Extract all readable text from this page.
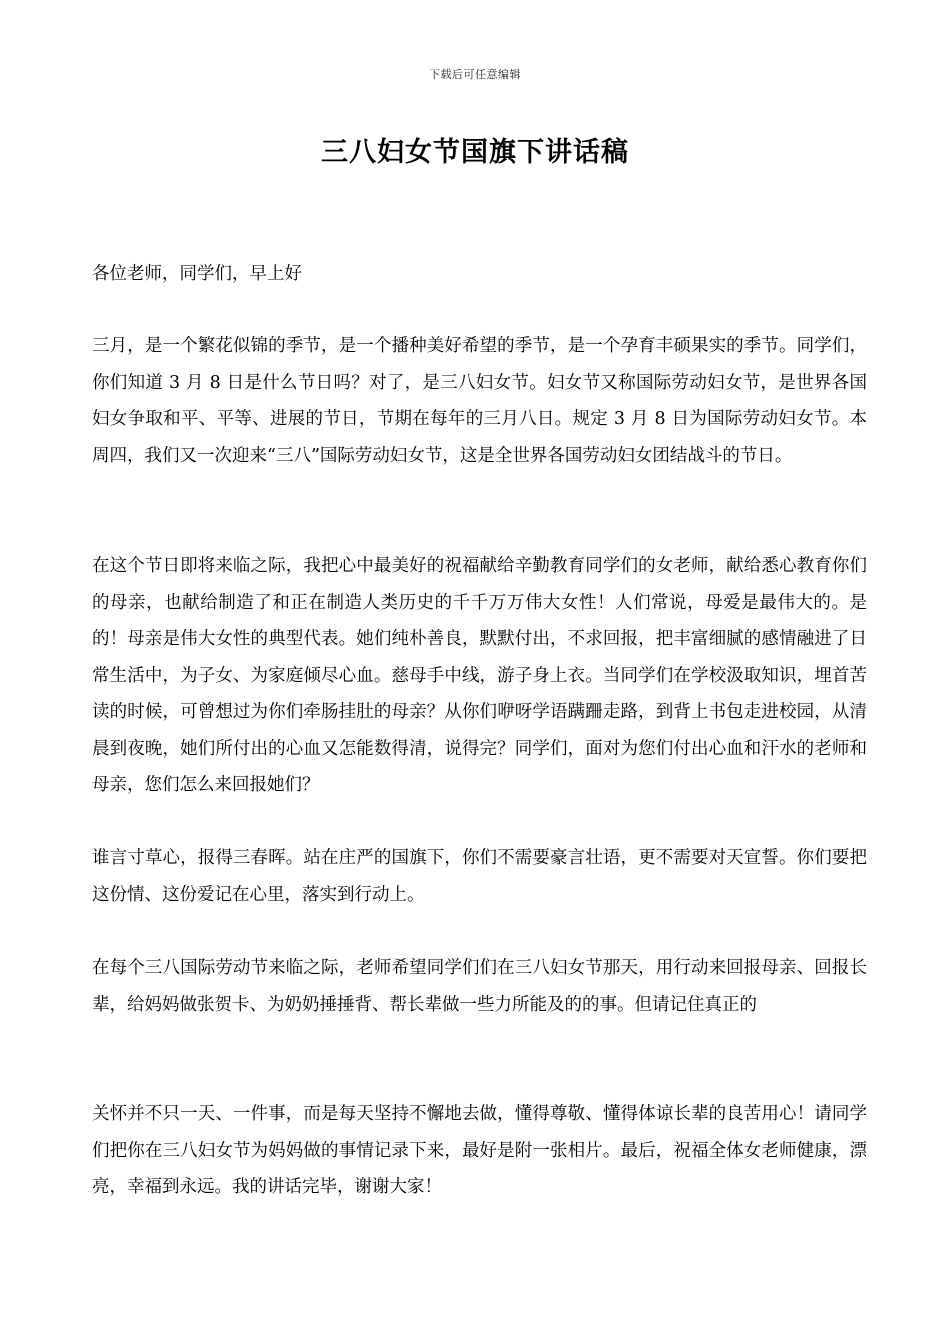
下载后可任意编辑
三八妇女节国旗下讲话稿

各位老师，同学们，早上好

三月，是一个繁花似锦的季节，是一个播种美好希望的季节，是一个孕育丰硕果实的季节。同学们，你们知道 3 月 8 日是什么节日吗？对了，是三八妇女节。妇女节又称国际劳动妇女节，是世界各国妇女争取和平、平等、进展的节日，节期在每年的三月八日。规定 3 月 8 日为国际劳动妇女节。本周四，我们又一次迎来“三八”国际劳动妇女节，这是全世界各国劳动妇女团结战斗的节日。

在这个节日即将来临之际，我把心中最美好的祝福献给辛勤教育同学们的女老师，献给悉心教育你们的母亲，也献给制造了和正在制造人类历史的千千万万伟大女性！人们常说，母爱是最伟大的。是的！母亲是伟大女性的典型代表。她们纯朴善良，默默付出，不求回报，把丰富细腻的感情融进了日常生活中，为子女、为家庭倾尽心血。慈母手中线，游子身上衣。当同学们在学校汲取知识，埋首苦读的时候，可曾想过为你们牵肠挂肚的母亲？从你们咿呀学语蹒跚走路，到背上书包走进校园，从清晨到夜晚，她们所付出的心血又怎能数得清，说得完？同学们，面对为您们付出心血和汗水的老师和母亲，您们怎么来回报她们？

谁言寸草心，报得三春晖。站在庄严的国旗下，你们不需要豪言壮语，更不需要对天宣誓。你们要把这份情、这份爱记在心里，落实到行动上。

在每个三八国际劳动节来临之际，老师希望同学们们在三八妇女节那天，用行动来回报母亲、回报长辈，给妈妈做张贺卡、为奶奶捶捶背、帮长辈做一些力所能及的的事。但请记住真正的

关怀并不只一天、一件事，而是每天坚持不懈地去做，懂得尊敬、懂得体谅长辈的良苦用心！请同学们把你在三八妇女节为妈妈做的事情记录下来，最好是附一张相片。最后，祝福全体女老师健康，漂亮，幸福到永远。我的讲话完毕，谢谢大家！
